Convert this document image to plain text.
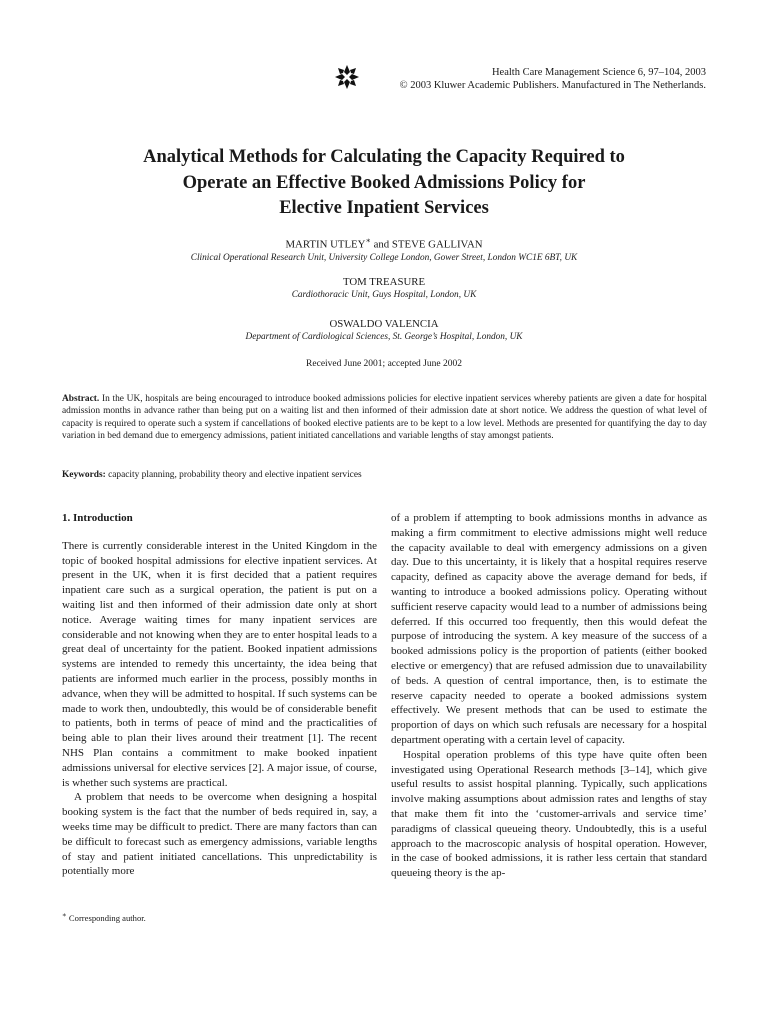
Health Care Management Science 6, 97–104, 2003
© 2003 Kluwer Academic Publishers. Manufactured in The Netherlands.
Analytical Methods for Calculating the Capacity Required to
Operate an Effective Booked Admissions Policy for
Elective Inpatient Services
MARTIN UTLEY∗ and STEVE GALLIVAN
Clinical Operational Research Unit, University College London, Gower Street, London WC1E 6BT, UK
TOM TREASURE
Cardiothoracic Unit, Guys Hospital, London, UK
OSWALDO VALENCIA
Department of Cardiological Sciences, St. George’s Hospital, London, UK
Received June 2001; accepted June 2002

Abstract. In the UK, hospitals are being encouraged to introduce booked admissions policies for elective inpatient services whereby patients are given a date for hospital admission months in advance rather than being put on a waiting list and then informed of their admission date at short notice. We address the question of what level of capacity is required to operate such a system if cancellations of booked elective patients are to be kept to a low level. Methods are presented for quantifying the day to day variation in bed demand due to emergency admissions, patient initiated cancellations and variable lengths of stay amongst patients.

Keywords: capacity planning, probability theory and elective inpatient services

1. Introduction

There is currently considerable interest in the United Kingdom in the topic of booked hospital admissions for elective inpatient services. At present in the UK, when it is first decided that a patient requires inpatient care such as a surgical operation, the patient is put on a waiting list and then informed of their admission date only at short notice. Average waiting times for many inpatient services are considerable and not knowing when they are to enter hospital leads to a great deal of uncertainty for the patient. Booked inpatient admissions systems are intended to remedy this uncertainty, the idea being that patients are informed much earlier in the process, possibly months in advance, when they will be admitted to hospital. If such systems can be made to work then, undoubtedly, this would be of considerable benefit to patients, both in terms of peace of mind and the practicalities of being able to plan their lives around their treatment [1]. The recent NHS Plan contains a commitment to make booked inpatient admissions universal for elective services [2]. A major issue, of course, is whether such systems are practical.

A problem that needs to be overcome when designing a hospital booking system is the fact that the number of beds required in, say, a weeks time may be difficult to predict. There are many factors than can be difficult to forecast such as emergency admissions, variable lengths of stay and patient initiated cancellations. This unpredictability is potentially more

of a problem if attempting to book admissions months in advance as making a firm commitment to elective admissions might well reduce the capacity available to deal with emergency admissions on a given day. Due to this uncertainty, it is likely that a hospital requires reserve capacity, defined as capacity above the average demand for beds, if wanting to introduce a booked admissions policy. Operating without sufficient reserve capacity would lead to a number of admissions being deferred. If this occurred too frequently, then this would defeat the purpose of introducing the system. A key measure of the success of a booked admissions policy is the proportion of patients (either booked elective or emergency) that are refused admission due to unavailability of beds. A question of central importance, then, is to estimate the reserve capacity needed to operate a booked admissions system effectively. We present methods that can be used to estimate the proportion of days on which such refusals are necessary for a hospital department operating with a certain level of capacity.

Hospital operation problems of this type have quite often been investigated using Operational Research methods [3–14], which give useful results to assist hospital planning. Typically, such applications involve making assumptions about admission rates and lengths of stay that make them fit into the ‘customer-arrivals and service time’ paradigms of classical queueing theory. Undoubtedly, this is a useful approach to the macroscopic analysis of hospital operation. However, in the case of booked admissions, it is rather less certain that standard queueing theory is the ap-

∗ Corresponding author.
